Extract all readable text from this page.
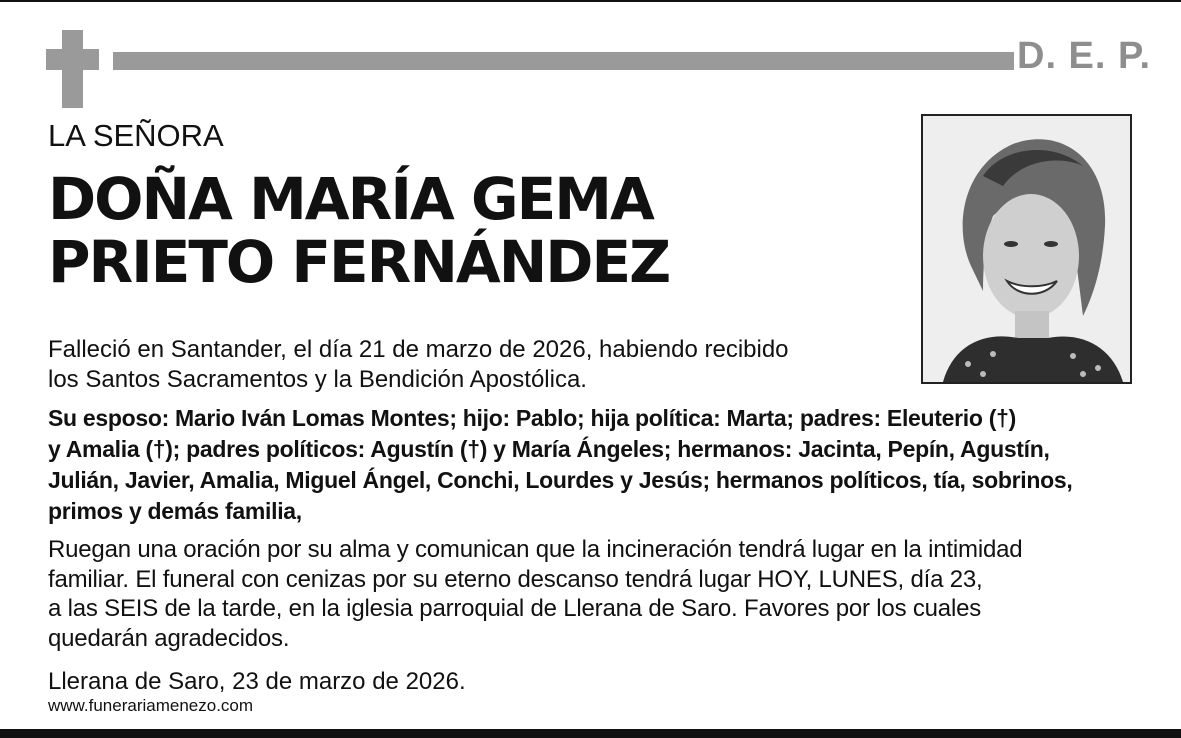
D. E. P.
LA SEÑORA
DOÑA MARÍA GEMA
PRIETO FERNÁNDEZ
Falleció en Santander, el día 21 de marzo de 2026, habiendo recibido
los Santos Sacramentos y la Bendición Apostólica.
Su esposo: Mario Iván Lomas Montes; hijo: Pablo; hija política: Marta; padres: Eleuterio (†)
y Amalia (†); padres políticos: Agustín (†) y María Ángeles; hermanos: Jacinta, Pepín, Agustín,
Julián, Javier, Amalia, Miguel Ángel, Conchi, Lourdes y Jesús; hermanos políticos, tía, sobrinos,
primos y demás familia,
Ruegan una oración por su alma y comunican que la incineración tendrá lugar en la intimidad
familiar. El funeral con cenizas por su eterno descanso tendrá lugar HOY, LUNES, día 23,
a las SEIS de la tarde, en la iglesia parroquial de Llerana de Saro. Favores por los cuales
quedarán agradecidos.
Llerana de Saro, 23 de marzo de 2026.
www.funerariamenezo.com
